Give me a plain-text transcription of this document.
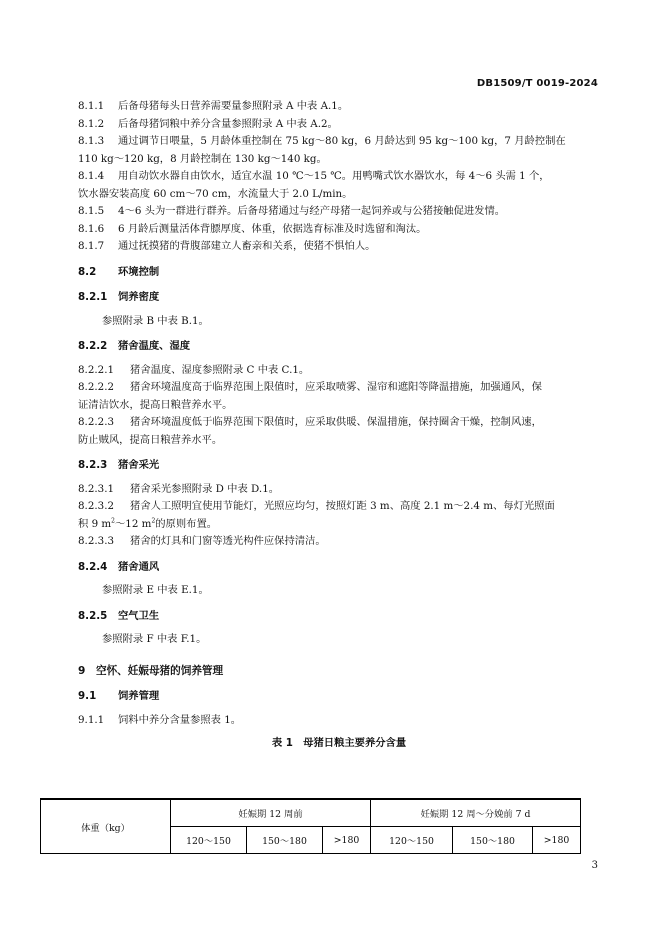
DB1509/T 0019-2024

8.1.1 后备母猪每头日营养需要量参照附录 A 中表 A.1。

8.1.2 后备母猪饲粮中养分含量参照附录 A 中表 A.2。

8.1.3 通过调节日喂量，5 月龄体重控制在 75 kg～80 kg，6 月龄达到 95 kg～100 kg，7 月龄控制在

110 kg～120 kg，8 月龄控制在 130 kg～140 kg。

8.1.4 用自动饮水器自由饮水，适宜水温 10 ℃～15 ℃。用鸭嘴式饮水器饮水，每 4～6 头需 1 个，

饮水器安装高度 60 cm～70 cm，水流量大于 2.0 L/min。

8.1.5 4～6 头为一群进行群养。后备母猪通过与经产母猪一起饲养或与公猪接触促进发情。

8.1.6 6 月龄后测量活体背膘厚度、体重，依据选育标准及时选留和淘汰。

8.1.7 通过抚摸猪的背腹部建立人畜亲和关系，使猪不惧怕人。

8.2 环境控制

8.2.1 饲养密度

参照附录 B 中表 B.1。

8.2.2 猪舍温度、湿度

8.2.2.1 猪舍温度、湿度参照附录 C 中表 C.1。

8.2.2.2 猪舍环境温度高于临界范围上限值时，应采取喷雾、湿帘和遮阳等降温措施，加强通风，保

证清洁饮水，提高日粮营养水平。

8.2.2.3 猪舍环境温度低于临界范围下限值时，应采取供暖、保温措施，保持圈舍干燥，控制风速，

防止贼风，提高日粮营养水平。

8.2.3 猪舍采光

8.2.3.1 猪舍采光参照附录 D 中表 D.1。

8.2.3.2 猪舍人工照明宜使用节能灯，光照应均匀，按照灯距 3 m、高度 2.1 m～2.4 m、每灯光照面

积 9 $m^2\sim 12$ $m^2$的原则布置。

8.2.3.3 猪舍的灯具和门窗等透光构件应保持清洁。

8.2.4 猪舍通风

参照附录 E 中表 E.1。

8.2.5 空气卫生

参照附录 F 中表 F.1。

9 空怀、妊娠母猪的饲养管理

9.1 饲养管理

9.1.1 饲料中养分含量参照表 1。

表 1　母猪日粮主要养分含量

体重（kg）	妊娠期 12 周前			妊娠期 12 周～分娩前 7 d		
	120～150	150～180	>180	120～150	150～180	>180
3
